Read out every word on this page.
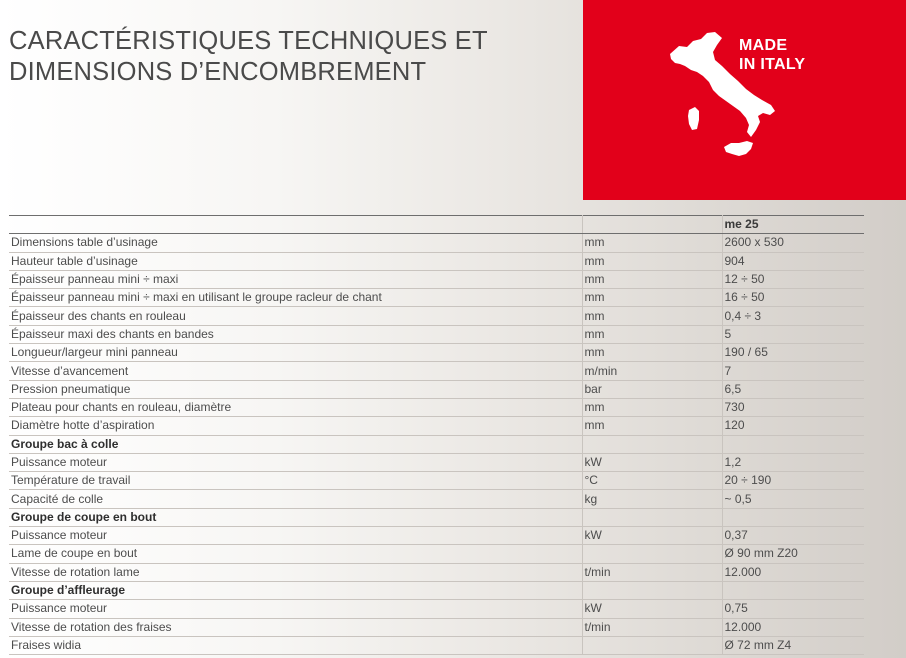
CARACTÉRISTIQUES TECHNIQUES ET
DIMENSIONS D’ENCOMBREMENT
MADE
IN ITALY
		me 25
Dimensions table d’usinage	mm	2600 x 530
Hauteur table d’usinage	mm	904
Épaisseur panneau mini ÷ maxi	mm	12 ÷ 50
Épaisseur panneau mini ÷ maxi en utilisant le groupe racleur de chant	mm	16 ÷ 50
Épaisseur des chants en rouleau	mm	0,4 ÷ 3
Épaisseur maxi des chants en bandes	mm	5
Longueur/largeur mini panneau	mm	190 / 65
Vitesse d’avancement	m/min	7
Pression pneumatique	bar	6,5
Plateau pour chants en rouleau, diamètre	mm	730
Diamètre hotte d’aspiration	mm	120
Groupe bac à colle		
Puissance moteur	kW	1,2
Température de travail	°C	20 ÷ 190
Capacité de colle	kg	~ 0,5
Groupe de coupe en bout		
Puissance moteur	kW	0,37
Lame de coupe en bout		Ø 90 mm Z20
Vitesse de rotation lame	t/min	12.000
Groupe d’affleurage		
Puissance moteur	kW	0,75
Vitesse de rotation des fraises	t/min	12.000
Fraises widia		Ø 72 mm Z4
